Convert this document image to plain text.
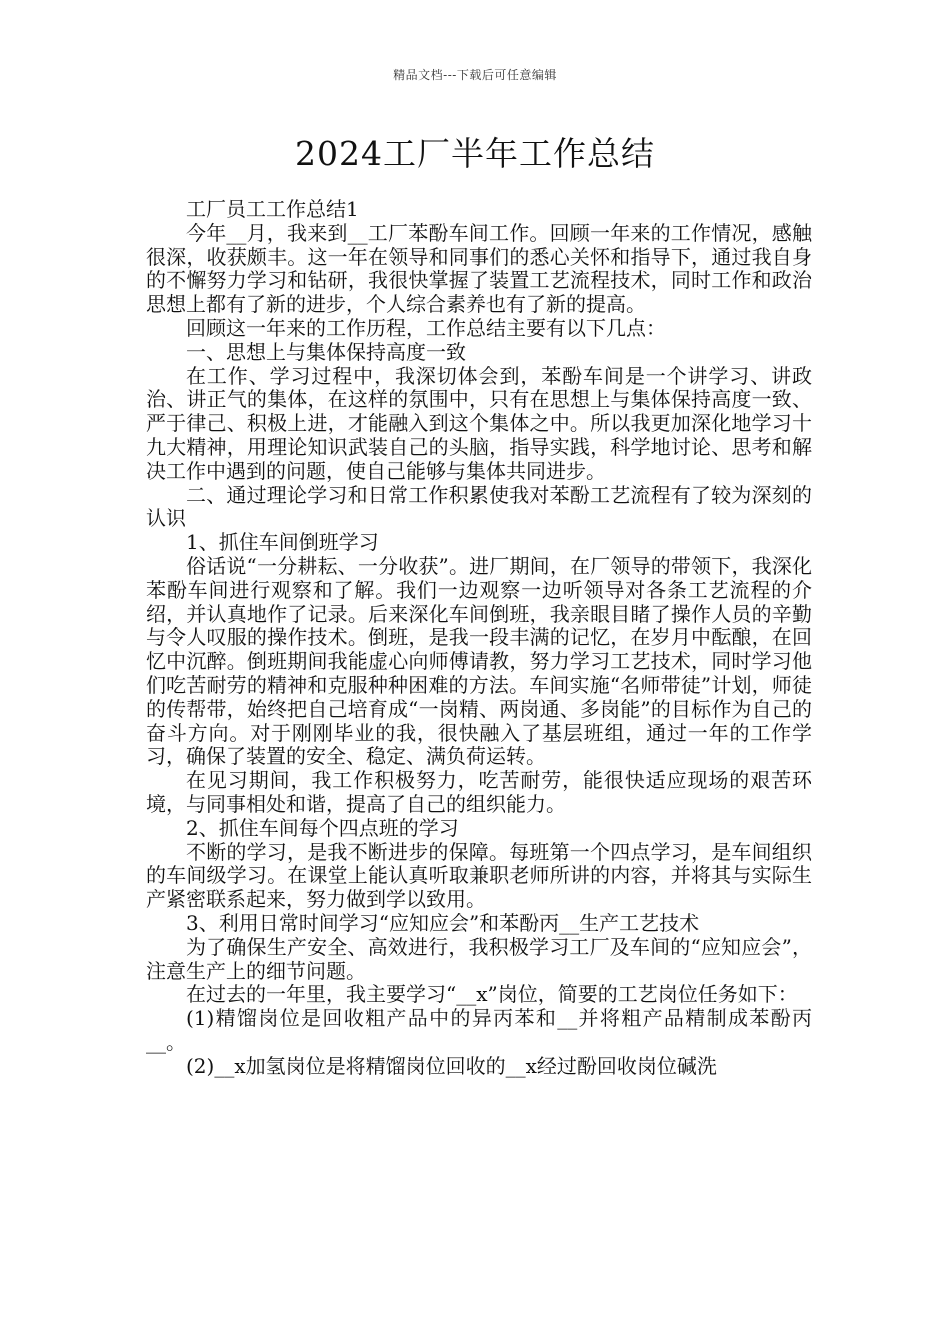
精品文档---下载后可任意编辑
2024工厂半年工作总结

工厂员工工作总结1

今年__月，我来到__工厂苯酚车间工作。回顾一年来的工作情况，感触很深，收获颇丰。这一年在领导和同事们的悉心关怀和指导下，通过我自身的不懈努力学习和钻研，我很快掌握了装置工艺流程技术，同时工作和政治思想上都有了新的进步，个人综合素养也有了新的提高。

回顾这一年来的工作历程，工作总结主要有以下几点：

一、思想上与集体保持高度一致

在工作、学习过程中，我深切体会到，苯酚车间是一个讲学习、讲政治、讲正气的集体，在这样的氛围中，只有在思想上与集体保持高度一致、严于律己、积极上进，才能融入到这个集体之中。所以我更加深化地学习十九大精神，用理论知识武装自己的头脑，指导实践，科学地讨论、思考和解决工作中遇到的问题，使自己能够与集体共同进步。

二、通过理论学习和日常工作积累使我对苯酚工艺流程有了较为深刻的认识

1、抓住车间倒班学习

俗话说“一分耕耘、一分收获”。进厂期间，在厂领导的带领下，我深化苯酚车间进行观察和了解。我们一边观察一边听领导对各条工艺流程的介绍，并认真地作了记录。后来深化车间倒班，我亲眼目睹了操作人员的辛勤与令人叹服的操作技术。倒班，是我一段丰满的记忆，在岁月中酝酿，在回忆中沉醉。倒班期间我能虚心向师傅请教，努力学习工艺技术，同时学习他们吃苦耐劳的精神和克服种种困难的方法。车间实施“名师带徒”计划，师徒的传帮带，始终把自己培育成“一岗精、两岗通、多岗能”的目标作为自己的奋斗方向。对于刚刚毕业的我，很快融入了基层班组，通过一年的工作学习，确保了装置的安全、稳定、满负荷运转。

在见习期间，我工作积极努力，吃苦耐劳，能很快适应现场的艰苦环境，与同事相处和谐，提高了自己的组织能力。

2、抓住车间每个四点班的学习

不断的学习，是我不断进步的保障。每班第一个四点学习，是车间组织的车间级学习。在课堂上能认真听取兼职老师所讲的内容，并将其与实际生产紧密联系起来，努力做到学以致用。

3、利用日常时间学习“应知应会”和苯酚丙__生产工艺技术

为了确保生产安全、高效进行，我积极学习工厂及车间的“应知应会”，注意生产上的细节问题。

在过去的一年里，我主要学习“__x”岗位，简要的工艺岗位任务如下：

(1)精馏岗位是回收粗产品中的异丙苯和__并将粗产品精制成苯酚丙__。

(2)__x加氢岗位是将精馏岗位回收的__x经过酚回收岗位碱洗
